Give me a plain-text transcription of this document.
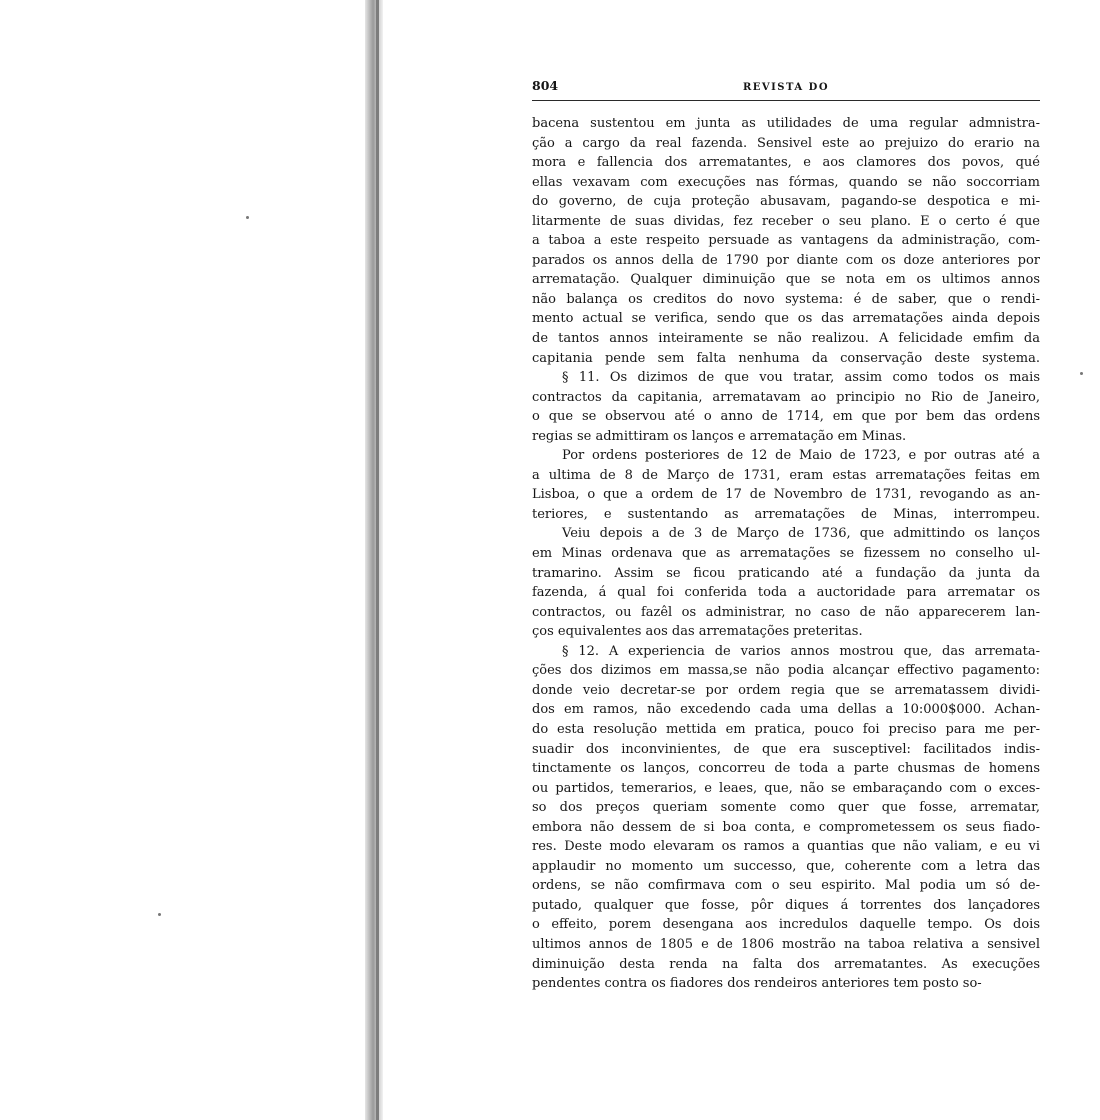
804	REVISTA DO
bacena sustentou em junta as utilidades de uma regular admnistra-
ção a cargo da real fazenda. Sensivel este ao prejuizo do erario na
mora e fallencia dos arrematantes, e aos clamores dos povos, qué
ellas vexavam com execuções nas fórmas, quando se não soccorriam
do governo, de cuja proteção abusavam, pagando-se despotica e mi-
litarmente de suas dividas, fez receber o seu plano. E o certo é que
a taboa a este respeito persuade as vantagens da administração, com-
parados os annos della de 1790 por diante com os doze anteriores por
arrematação. Qualquer diminuição que se nota em os ultimos annos
não balança os creditos do novo systema: é de saber, que o rendi-
mento actual se verifica, sendo que os das arrematações ainda depois
de tantos annos inteiramente se não realizou. A felicidade emfim da
capitania pende sem falta nenhuma da conservação deste systema.
§ 11. Os dizimos de que vou tratar, assim como todos os mais
contractos da capitania, arrematavam ao principio no Rio de Janeiro,
o que se observou até o anno de 1714, em que por bem das ordens
regias se admittiram os lanços e arrematação em Minas.
Por ordens posteriores de 12 de Maio de 1723, e por outras até a
a ultima de 8 de Março de 1731, eram estas arrematações feitas em
Lisboa, o que a ordem de 17 de Novembro de 1731, revogando as an-
teriores, e sustentando as arrematações de Minas, interrompeu.
Veiu depois a de 3 de Março de 1736, que admittindo os lanços
em Minas ordenava que as arrematações se fizessem no conselho ul-
tramarino. Assim se ficou praticando até a fundação da junta da
fazenda, á qual foi conferida toda a auctoridade para arrematar os
contractos, ou fazêl os administrar, no caso de não apparecerem lan-
ços equivalentes aos das arrematações preteritas.
§ 12. A experiencia de varios annos mostrou que, das arremata-
ções dos dizimos em massa,se não podia alcançar effectivo pagamento:
donde veio decretar-se por ordem regia que se arrematassem dividi-
dos em ramos, não excedendo cada uma dellas a 10:000$000. Achan-
do esta resolução mettida em pratica, pouco foi preciso para me per-
suadir dos inconvinientes, de que era susceptivel: facilitados indis-
tinctamente os lanços, concorreu de toda a parte chusmas de homens
ou partidos, temerarios, e leaes, que, não se embaraçando com o exces-
so dos preços queriam somente como quer que fosse, arrematar,
embora não dessem de si boa conta, e comprometessem os seus fiado-
res. Deste modo elevaram os ramos a quantias que não valiam, e eu vi
applaudir no momento um successo, que, coherente com a letra das
ordens, se não comfirmava com o seu espirito. Mal podia um só de-
putado, qualquer que fosse, pôr diques á torrentes dos lançadores
o effeito, porem desengana aos incredulos daquelle tempo. Os dois
ultimos annos de 1805 e de 1806 mostrão na taboa relativa a sensivel
diminuição desta renda na falta dos arrematantes. As execuções
pendentes contra os fiadores dos rendeiros anteriores tem posto so-
